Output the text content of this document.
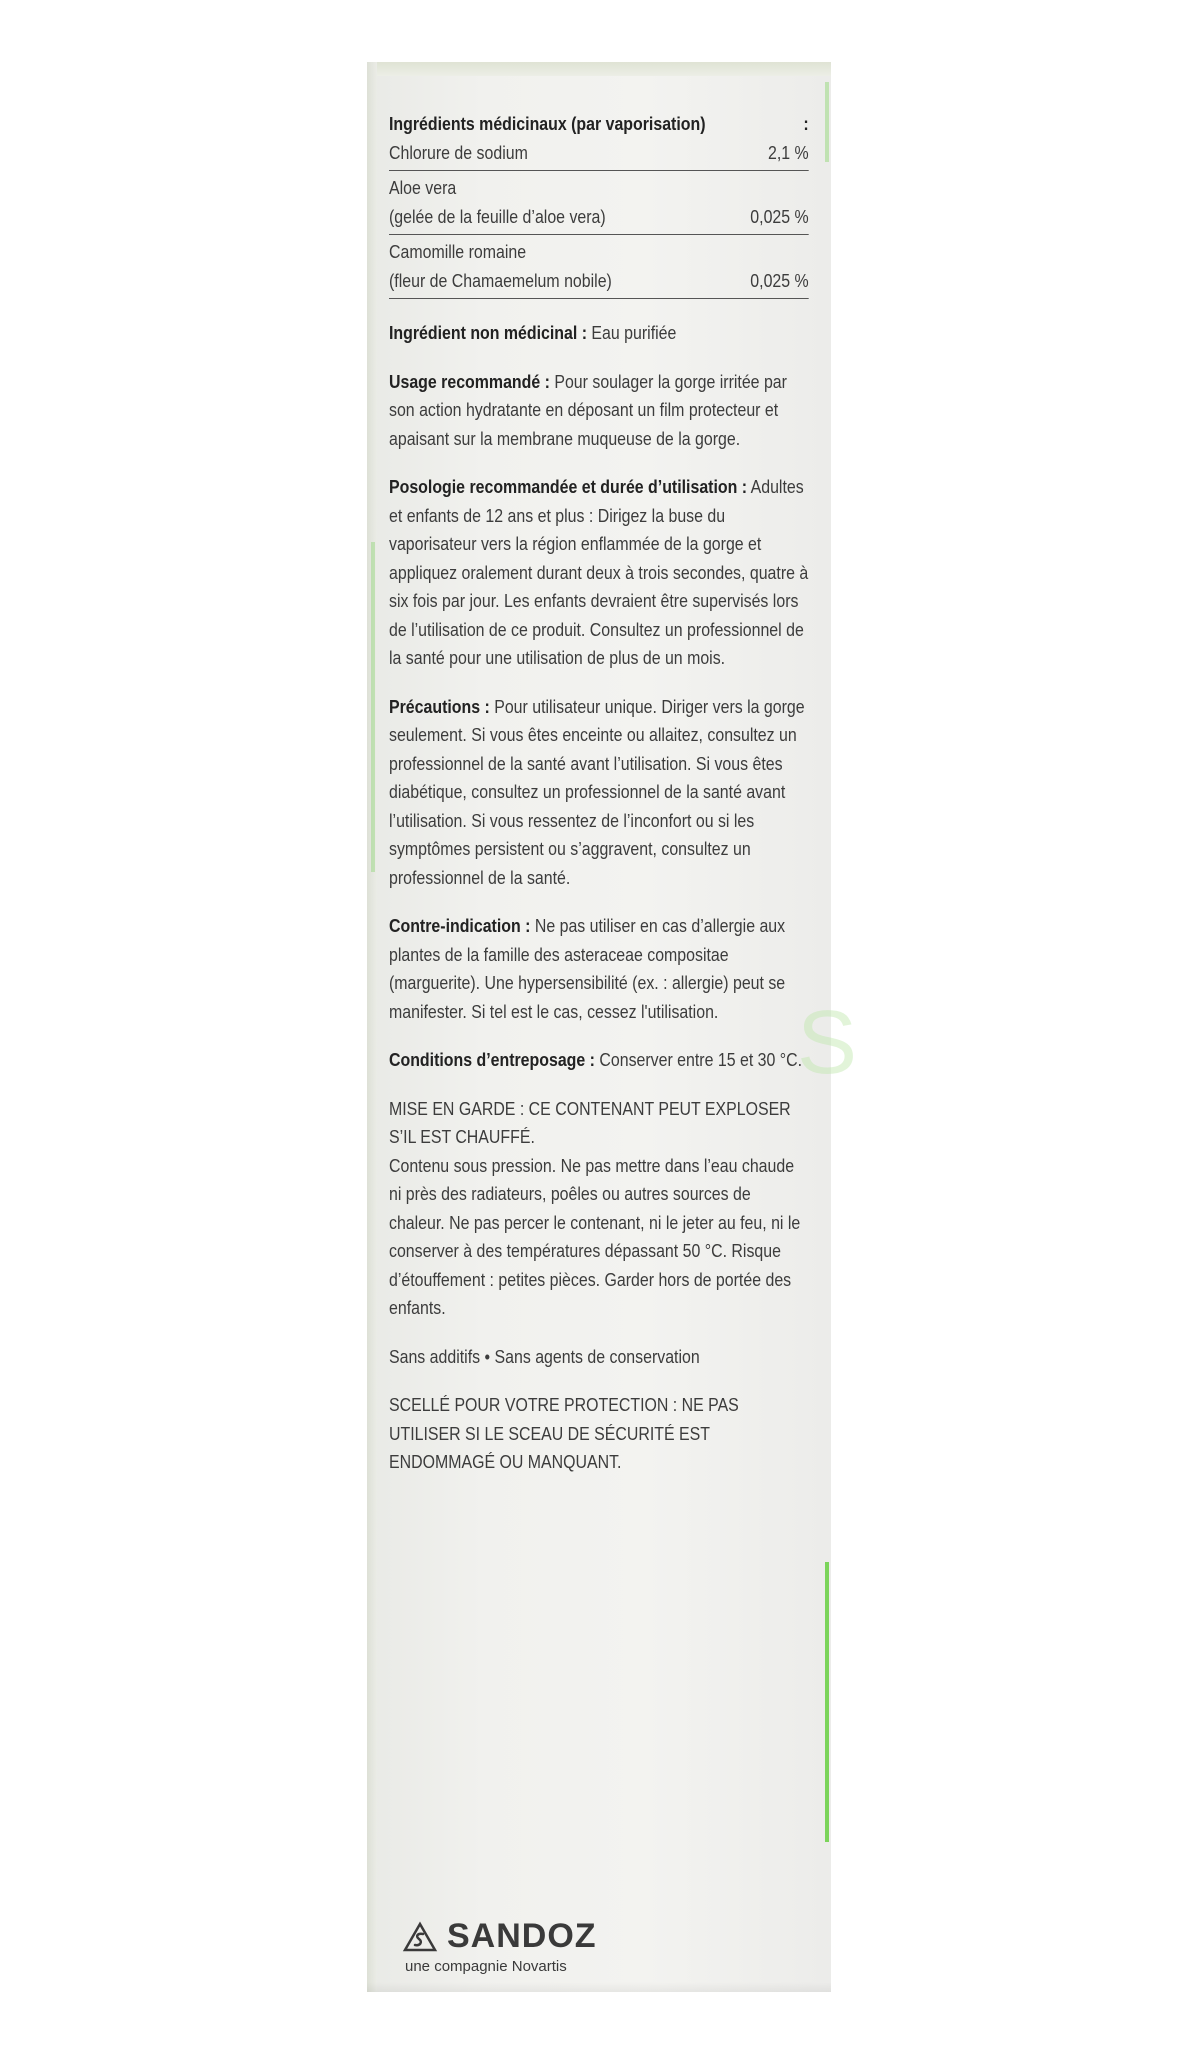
Ingrédients médicinaux (par vaporisation)	:
Chlorure de sodium	2,1 %
Aloe vera
(gelée de la feuille d’aloe vera)	0,025 %
Camomille romaine
(fleur de Chamaemelum nobile)	0,025 %
Ingrédient non médicinal : Eau purifiée
Usage recommandé : Pour soulager la gorge irritée par son action hydratante en déposant un film protecteur et apaisant sur la membrane muqueuse de la gorge.
Posologie recommandée et durée d’utilisation : Adultes et enfants de 12 ans et plus : Dirigez la buse du vaporisateur vers la région enflammée de la gorge et appliquez oralement durant deux à trois secondes, quatre à six fois par jour. Les enfants devraient être supervisés lors de l’utilisation de ce produit. Consultez un professionnel de la santé pour une utilisation de plus de un mois.
Précautions : Pour utilisateur unique. Diriger vers la gorge seulement. Si vous êtes enceinte ou allaitez, consultez un professionnel de la santé avant l’utilisation. Si vous êtes diabétique, consultez un professionnel de la santé avant l’utilisation. Si vous ressentez de l’inconfort ou si les symptômes persistent ou s’aggravent, consultez un professionnel de la santé.
Contre-indication : Ne pas utiliser en cas d’allergie aux plantes de la famille des asteraceae compositae (marguerite). Une hypersensibilité (ex. : allergie) peut se manifester. Si tel est le cas, cessez l'utilisation.
Conditions d’entreposage : Conserver entre 15 et 30 °C.
MISE EN GARDE : CE CONTENANT PEUT EXPLOSER S’IL EST CHAUFFÉ.
Contenu sous pression. Ne pas mettre dans l’eau chaude ni près des radiateurs, poêles ou autres sources de chaleur. Ne pas percer le contenant, ni le jeter au feu, ni le conserver à des températures dépassant 50 °C. Risque d’étouffement : petites pièces. Garder hors de portée des enfants.
Sans additifs • Sans agents de conservation
SCELLÉ POUR VOTRE PROTECTION : NE PAS UTILISER SI LE SCEAU DE SÉCURITÉ EST ENDOMMAGÉ OU MANQUANT.
S
SANDOZ
une compagnie Novartis
